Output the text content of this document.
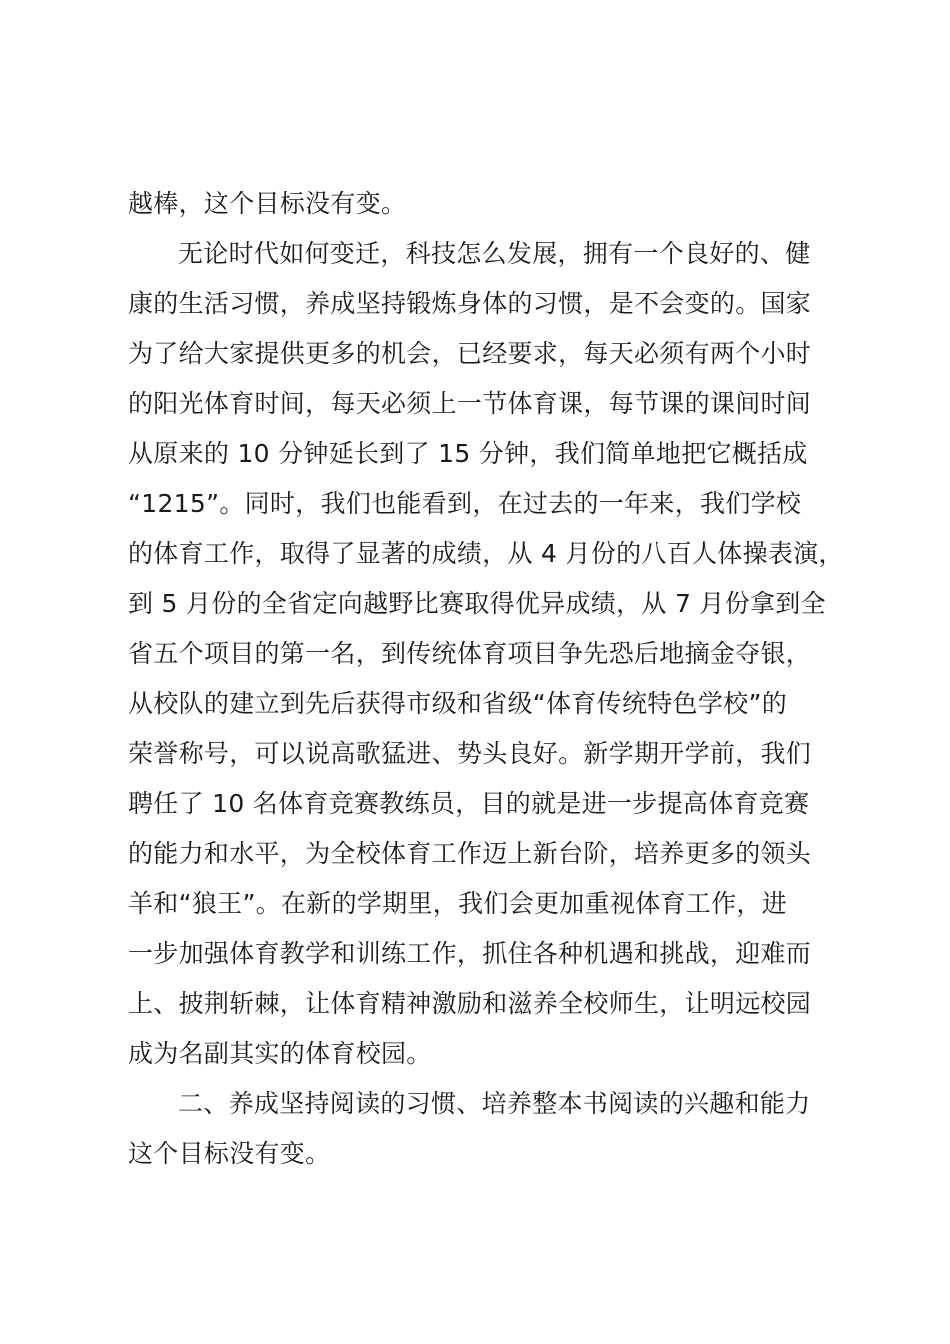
越棒，这个目标没有变。
无论时代如何变迁，科技怎么发展，拥有一个良好的、健
康的生活习惯，养成坚持锻炼身体的习惯，是不会变的。国家
为了给大家提供更多的机会，已经要求，每天必须有两个小时
的阳光体育时间，每天必须上一节体育课，每节课的课间时间
从原来的 10 分钟延长到了 15 分钟，我们简单地把它概括成
“1215”。同时，我们也能看到，在过去的一年来，我们学校
的体育工作，取得了显著的成绩，从 4 月份的八百人体操表演，
到 5 月份的全省定向越野比赛取得优异成绩，从 7 月份拿到全
省五个项目的第一名，到传统体育项目争先恐后地摘金夺银，
从校队的建立到先后获得市级和省级“体育传统特色学校”的
荣誉称号，可以说高歌猛进、势头良好。新学期开学前，我们
聘任了 10 名体育竞赛教练员，目的就是进一步提高体育竞赛
的能力和水平，为全校体育工作迈上新台阶，培养更多的领头
羊和“狼王”。在新的学期里，我们会更加重视体育工作，进
一步加强体育教学和训练工作，抓住各种机遇和挑战，迎难而
上、披荆斩棘，让体育精神激励和滋养全校师生，让明远校园
成为名副其实的体育校园。
二、养成坚持阅读的习惯、培养整本书阅读的兴趣和能力
这个目标没有变。
